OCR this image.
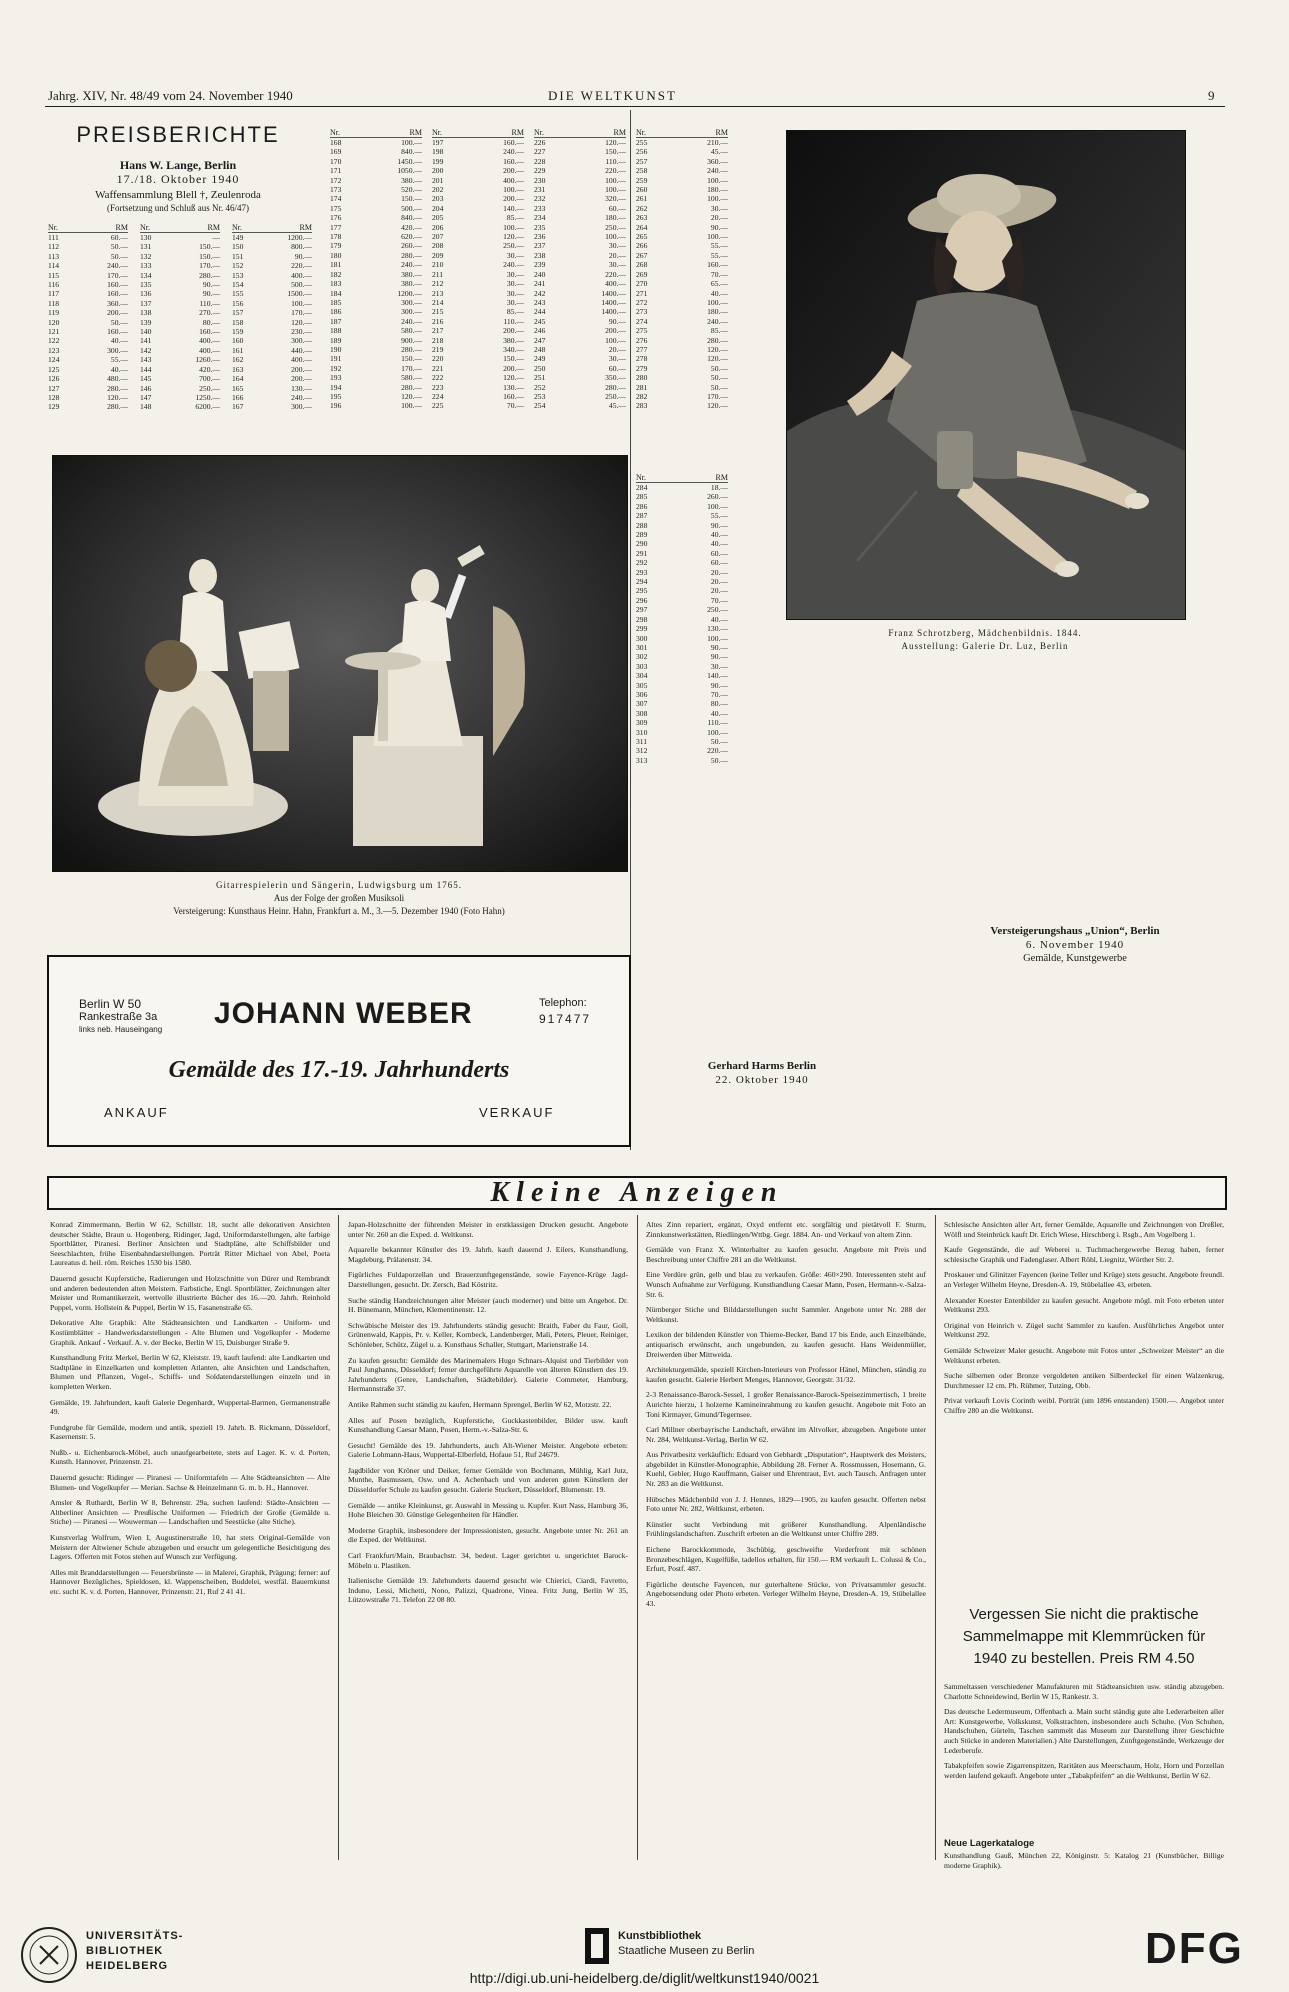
Jahrg. XIV, Nr. 48/49 vom 24. November 1940	DIE WELTKUNST	9
PREISBERICHTE
Hans W. Lange, Berlin
17./18. Oktober 1940
Waffensammlung Blell †, Zeulenroda
(Fortsetzung und Schluß aus Nr. 46/47)
Nr.	RM
111	60.—
112	50.—
113	50.—
114	240.—
115	170.—
116	160.—
117	160.—
118	360.—
119	200.—
120	50.—
121	160.—
122	40.—
123	300.—
124	55.—
125	40.—
126	480.—
127	280.—
128	120.—
129	280.—
Nr.	RM
130	—
131	150.—
132	150.—
133	170.—
134	280.—
135	90.—
136	90.—
137	110.—
138	270.—
139	80.—
140	160.—
141	400.—
142	400.—
143	1260.—
144	420.—
145	700.—
146	250.—
147	1250.—
148	6200.—
Nr.	RM
149	1200.—
150	800.—
151	90.—
152	220.—
153	400.—
154	500.—
155	1500.—
156	100.—
157	170.—
158	120.—
159	230.—
160	300.—
161	440.—
162	400.—
163	200.—
164	200.—
165	130.—
166	240.—
167	300.—
Nr.	RM
168	100.—
169	840.—
170	1450.—
171	1050.—
172	380.—
173	520.—
174	150.—
175	500.—
176	840.—
177	420.—
178	620.—
179	260.—
180	280.—
181	240.—
182	380.—
183	380.—
184	1200.—
185	300.—
186	300.—
187	240.—
188	580.—
189	900.—
190	280.—
191	150.—
192	170.—
193	580.—
194	280.—
195	120.—
196	100.—
Nr.	RM
197	160.—
198	240.—
199	160.—
200	200.—
201	400.—
202	100.—
203	200.—
204	140.—
205	85.—
206	100.—
207	120.—
208	250.—
209	30.—
210	240.—
211	30.—
212	30.—
213	30.—
214	30.—
215	85.—
216	110.—
217	200.—
218	380.—
219	340.—
220	150.—
221	200.—
222	120.—
223	130.—
224	160.—
225	70.—
Nr.	RM
226	120.—
227	150.—
228	110.—
229	220.—
230	100.—
231	100.—
232	320.—
233	60.—
234	180.—
235	250.—
236	100.—
237	30.—
238	20.—
239	30.—
240	220.—
241	400.—
242	1400.—
243	1400.—
244	1400.—
245	90.—
246	200.—
247	100.—
248	20.—
249	30.—
250	60.—
251	350.—
252	280.—
253	250.—
254	45.—
Nr.	RM
255	210.—
256	45.—
257	360.—
258	240.—
259	100.—
260	180.—
261	100.—
262	30.—
263	20.—
264	90.—
265	100.—
266	55.—
267	55.—
268	160.—
269	70.—
270	65.—
271	40.—
272	100.—
273	180.—
274	240.—
275	85.—
276	280.—
277	120.—
278	120.—
279	50.—
280	50.—
281	50.—
282	170.—
283	120.—
Nr.	RM
284	18.—
285	260.—
286	100.—
287	55.—
288	90.—
289	40.—
290	40.—
291	60.—
292	60.—
293	20.—
294	20.—
295	20.—
296	70.—
297	250.—
298	40.—
299	130.—
300	100.—
301	90.—
302	90.—
303	30.—
304	140.—
305	90.—
306	70.—
307	80.—
308	40.—
309	110.—
310	100.—
311	50.—
312	220.—
313	50.—
Gitarrespielerin und Sängerin, Ludwigsburg um 1765.
Aus der Folge der großen Musiksoli
Versteigerung: Kunsthaus Heinr. Hahn, Frankfurt a. M., 3.—5. Dezember 1940 (Foto Hahn)
Franz Schrotzberg, Mädchenbildnis. 1844.
Ausstellung: Galerie Dr. Luz, Berlin
Gerhard Harms Berlin
22. Oktober 1940
Versteigerungshaus „Union“, Berlin
6. November 1940
Gemälde, Kunstgewerbe
Berlin W 50
Rankestraße 3a
links neb. Hauseingang JOHANN WEBER	Telephon:
917477
Gemälde des 17.-19. Jahrhunderts
ANKAUF	VERKAUF
Kleine Anzeigen

Konrad Zimmermann, Berlin W 62, Schillstr. 18, sucht alle dekorativen Ansichten deutscher Städte, Braun u. Hogenberg, Ridinger, Jagd, Uniformdarstellungen, alte farbige Sportblätter, Piranesi. Berliner Ansichten und Stadtpläne, alte Schiffsbilder und Seeschlachten, frühe Eisenbahndarstellungen. Porträt Ritter Michael von Abel, Poeta Laureatus d. heil. röm. Reiches 1530 bis 1580.

Dauernd gesucht Kupferstiche, Radierungen und Holzschnitte von Dürer und Rembrandt und anderen bedeutenden alten Meistern. Farbstiche, Engl. Sportblätter, Zeichnungen alter Meister und Romantikerzeit, wertvolle illustrierte Bücher des 16.—20. Jahrh. Reinhold Puppel, vorm. Hollstein & Puppel, Berlin W 15, Fasanenstraße 65.

Dekorative Alte Graphik: Alte Städteansichten und Landkarten - Uniform- und Kostümblätter - Handwerksdarstellungen - Alte Blumen und Vogelkupfer - Moderne Graphik. Ankauf - Verkauf. A. v. der Becke, Berlin W 15, Duisburger Straße 9.

Kunsthandlung Fritz Merkel, Berlin W 62, Kleiststr. 19, kauft laufend: alte Landkarten und Stadtpläne in Einzelkarten und kompletten Atlanten, alte Ansichten und Landschaften, Blumen und Pflanzen, Vogel-, Schiffs- und Soldatendarstellungen einzeln und in kompletten Werken.

Gemälde, 19. Jahrhundert, kauft Galerie Degenhardt, Wuppertal-Barmen, Germanenstraße 49.

Fundgrube für Gemälde, modern und antik, speziell 19. Jahrh. B. Rickmann, Düsseldorf, Kasernenstr. 5.

Nußb.- u. Eichenbarock-Möbel, auch unaufgearbeitete, stets auf Lager. K. v. d. Porten, Kunsth. Hannover, Prinzenstr. 21.

Dauernd gesucht: Ridinger — Piranesi — Uniformtafeln — Alte Städteansichten — Alte Blumen- und Vogelkupfer — Merian. Sachse & Heinzelmann G. m. b. H., Hannover.

Amsler & Ruthardt, Berlin W 8, Behrenstr. 29a, suchen laufend: Städte-Ansichten — Altberliner Ansichten — Preußische Uniformen — Friedrich der Große (Gemälde u. Stiche) — Piranesi — Wouwerman — Landschaften und Seestücke (alte Stiche).

Kunstverlag Wolfrum, Wien I, Augustinerstraße 10, hat stets Original-Gemälde von Meistern der Altwiener Schule abzugeben und ersucht um gelegentliche Besichtigung des Lagers. Offerten mit Fotos stehen auf Wunsch zur Verfügung.

Alles mit Branddarstellungen — Feuersbrünste — in Malerei, Graphik, Prägung; ferner: auf Hannover Bezügliches, Spieldosen, kl. Wappenscheiben, Buddelei, westfäl. Bauernkunst etc. sucht K. v. d. Porten, Hannover, Prinzenstr. 21, Ruf 2 41 41.

Japan-Holzschnitte der führenden Meister in erstklassigen Drucken gesucht. Angebote unter Nr. 260 an die Exped. d. Weltkunst.

Aquarelle bekannter Künstler des 19. Jahrh. kauft dauernd J. Eilers, Kunsthandlung, Magdeburg, Prälatenstr. 34.

Figürliches Fuldaporzellan und Brauerzunftgegenstände, sowie Fayence-Krüge Jagd-Darstellungen, gesucht. Dr. Zersch, Bad Köstritz.

Suche ständig Handzeichnungen alter Meister (auch moderner) und bitte um Angebot. Dr. H. Bünemann, München, Klementinenstr. 12.

Schwäbische Meister des 19. Jahrhunderts ständig gesucht: Braith, Faber du Faur, Goll, Grünenwald, Kappis, Pr. v. Keller, Kornbeck, Landenberger, Mali, Peters, Pleuer, Reiniger, Schönleber, Schütz, Zügel u. a. Kunsthaus Schaller, Stuttgart, Marienstraße 14.

Zu kaufen gesucht: Gemälde des Marinemalers Hugo Schnars-Alquist und Tierbilder von Paul Junghanns, Düsseldorf; ferner durchgeführte Aquarelle von älteren Künstlern des 19. Jahrhunderts (Genre, Landschaften, Städtebilder). Galerie Commeter, Hamburg, Hermannstraße 37.

Antike Rahmen sucht ständig zu kaufen, Hermann Sprengel, Berlin W 62, Motzstr. 22.

Alles auf Posen bezüglich, Kupferstiche, Guckkastenbilder, Bilder usw. kauft Kunsthandlung Caesar Mann, Posen, Herm.-v.-Salza-Str. 6.

Gesucht! Gemälde des 19. Jahrhunderts, auch Alt-Wiener Meister. Angebote erbeten: Galerie Lohmann-Haus, Wuppertal-Elberfeld, Hofaue 51, Ruf 24679.

Jagdbilder von Kröner und Deiker, ferner Gemälde von Bochmann, Mühlig, Karl Jutz, Munthe, Rasmussen, Osw. und A. Achenbach und von anderen guten Künstlern der Düsseldorfer Schule zu kaufen gesucht. Galerie Stuckert, Düsseldorf, Blumenstr. 19.

Gemälde — antike Kleinkunst, gr. Auswahl in Messing u. Kupfer. Kurt Nass, Hamburg 36, Hohe Bleichen 30. Günstige Gelegenheiten für Händler.

Moderne Graphik, insbesondere der Impressionisten, gesucht. Angebote unter Nr. 261 an die Exped. der Weltkunst.

Carl Frankfurt/Main, Braubachstr. 34, bedeut. Lager gerichtet u. ungerichtet Barock-Möbeln u. Plastiken.

Italienische Gemälde 19. Jahrhunderts dauernd gesucht wie Chierici, Ciardi, Favretto, Induno, Lessi, Michetti, Nono, Palizzi, Quadrone, Vinea. Fritz Jung, Berlin W 35, Lützowstraße 71. Telefon 22 08 80.

Altes Zinn repariert, ergänzt, Oxyd entfernt etc. sorgfältig und pietätvoll F. Sturm, Zinnkunstwerkstätten, Riedlingen/Wttbg. Gegr. 1884. An- und Verkauf von altem Zinn.

Gemälde von Franz X. Winterhalter zu kaufen gesucht. Angebote mit Preis und Beschreibung unter Chiffre 281 an die Weltkunst.

Eine Verdüre grün, gelb und blau zu verkaufen. Größe: 460×290. Interessenten steht auf Wunsch Aufnahme zur Verfügung. Kunsthandlung Caesar Mann, Posen, Hermann-v.-Salza-Str. 6.

Nürnberger Stiche und Bilddarstellungen sucht Sammler. Angebote unter Nr. 288 der Weltkunst.

Lexikon der bildenden Künstler von Thieme-Becker, Band 17 bis Ende, auch Einzelbände, antiquarisch erwünscht, auch ungebunden, zu kaufen gesucht. Hans Weidenmüller, Dreiwerden über Mittweida.

Architekturgemälde, speziell Kirchen-Interieurs von Professor Hänel, München, ständig zu kaufen gesucht. Galerie Herbert Menges, Hannover, Georgstr. 31/32.

2-3 Renaissance-Barock-Sessel, 1 großer Renaissance-Barock-Speisezimmertisch, 1 breite Aurichte hierzu, 1 holzerne Kamineinrahmung zu kaufen gesucht. Angebote mit Foto an Toni Kirmayer, Gmund/Tegernsee.

Carl Millner oberbayrische Landschaft, erwähnt im Altvolker, abzugeben. Angebote unter Nr. 284, Weltkunst-Verlag, Berlin W 62.

Aus Privatbesitz verkäuflich: Eduard von Gebhardt „Disputation“, Hauptwerk des Meisters, abgebildet in Künstler-Monographie, Abbildung 28. Ferner A. Rossmussen, Hosemann, G. Kuehl, Gebler, Hugo Kauffmann, Gaiser und Ehrentraut, Evt. auch Tausch. Anfragen unter Nr. 283 an die Weltkunst.

Hübsches Mädchenbild von J. J. Hennes, 1829—1905, zu kaufen gesucht. Offerten nebst Foto unter Nr. 282, Weltkunst, erbeten.

Künstler sucht Verbindung mit größerer Kunsthandlung. Alpenländische Frühlingslandschaften. Zuschrift erbeten an die Weltkunst unter Chiffre 289.

Eichene Barockkommode, 3schübig, geschweifte Vorderfront mit schönen Bronzebeschlägen, Kugelfüße, tadellos erhalten, für 150.— RM verkauft L. Colussi & Co., Erfurt, Postf. 487.

Figürliche deutsche Fayencen, nur guterhaltene Stücke, von Privatsammler gesucht. Angebotsendung oder Photo erbeten. Verleger Wilhelm Heyne, Dresden-A. 19, Stübelallee 43.

Schlesische Ansichten aller Art, ferner Gemälde, Aquarelle und Zeichnungen von Dreßler, Wölfl und Steinbrück kauft Dr. Erich Wiese, Hirschberg i. Rsgb., Am Vogelberg 1.

Kaufe Gegenstände, die auf Weberei u. Tuchmachergewerbe Bezug haben, ferner schlesische Graphik und Fadenglaser. Albert Röhl, Liegnitz, Wörther Str. 2.

Proskauer und Glinitzer Fayencen (keine Teller und Krüge) stets gesucht. Angebote freundl. an Verleger Wilhelm Heyne, Dresden-A. 19, Stübelallee 43, erbeten.

Alexander Koester Entenbilder zu kaufen gesucht. Angebote mögl. mit Foto erbeten unter Weltkunst 293.

Original von Heinrich v. Zügel sucht Sammler zu kaufen. Ausführliches Angebot unter Weltkunst 292.

Gemälde Schweizer Maler gesucht. Angebote mit Fotos unter „Schweizer Meister“ an die Weltkunst erbeten.

Suche silbernen oder Bronze vergoldeten antiken Silberdeckel für einen Walzenkrug, Durchmesser 12 cm. Ph. Rühmer, Tutzing, Obb.

Privat verkauft Lovis Corinth weibl. Porträt (um 1896 entstanden) 1500.—. Angebot unter Chiffre 280 an die Weltkunst.

Vergessen Sie nicht die praktische Sammelmappe mit Klemmrücken für 1940 zu bestellen. Preis RM 4.50

Sammeltassen verschiedener Manufakturen mit Städteansichten usw. ständig abzugeben. Charlotte Schneidewind, Berlin W 15, Rankestr. 3.

Das deutsche Ledermuseum, Offenbach a. Main sucht ständig gute alte Lederarbeiten aller Art: Kunstgewerbe, Volkskunst, Volkstrachten, insbesondere auch Schuhe. (Von Schuhen, Handschuhen, Gürteln, Taschen sammelt das Museum zur Darstellung ihrer Geschichte auch Stücke in anderen Materialien.) Alte Darstellungen, Zunftgegenstände, Werkzeuge der Lederberufe.

Tabakpfeifen sowie Zigarrenspitzen, Raritäten aus Meerschaum, Holz, Horn und Porzellan werden laufend gekauft. Angebote unter „Tabakpfeifen“ an die Weltkunst, Berlin W 62.

Neue Lagerkataloge
Kunsthandlung Gauß, München 22, Königinstr. 5: Katalog 21 (Kunstbücher, Billige moderne Graphik).
UNIVERSITÄTS-
BIBLIOTHEK
HEIDELBERG
Kunstbibliothek
Staatliche Museen zu Berlin	DFG
http://digi.ub.uni-heidelberg.de/diglit/weltkunst1940/0021
